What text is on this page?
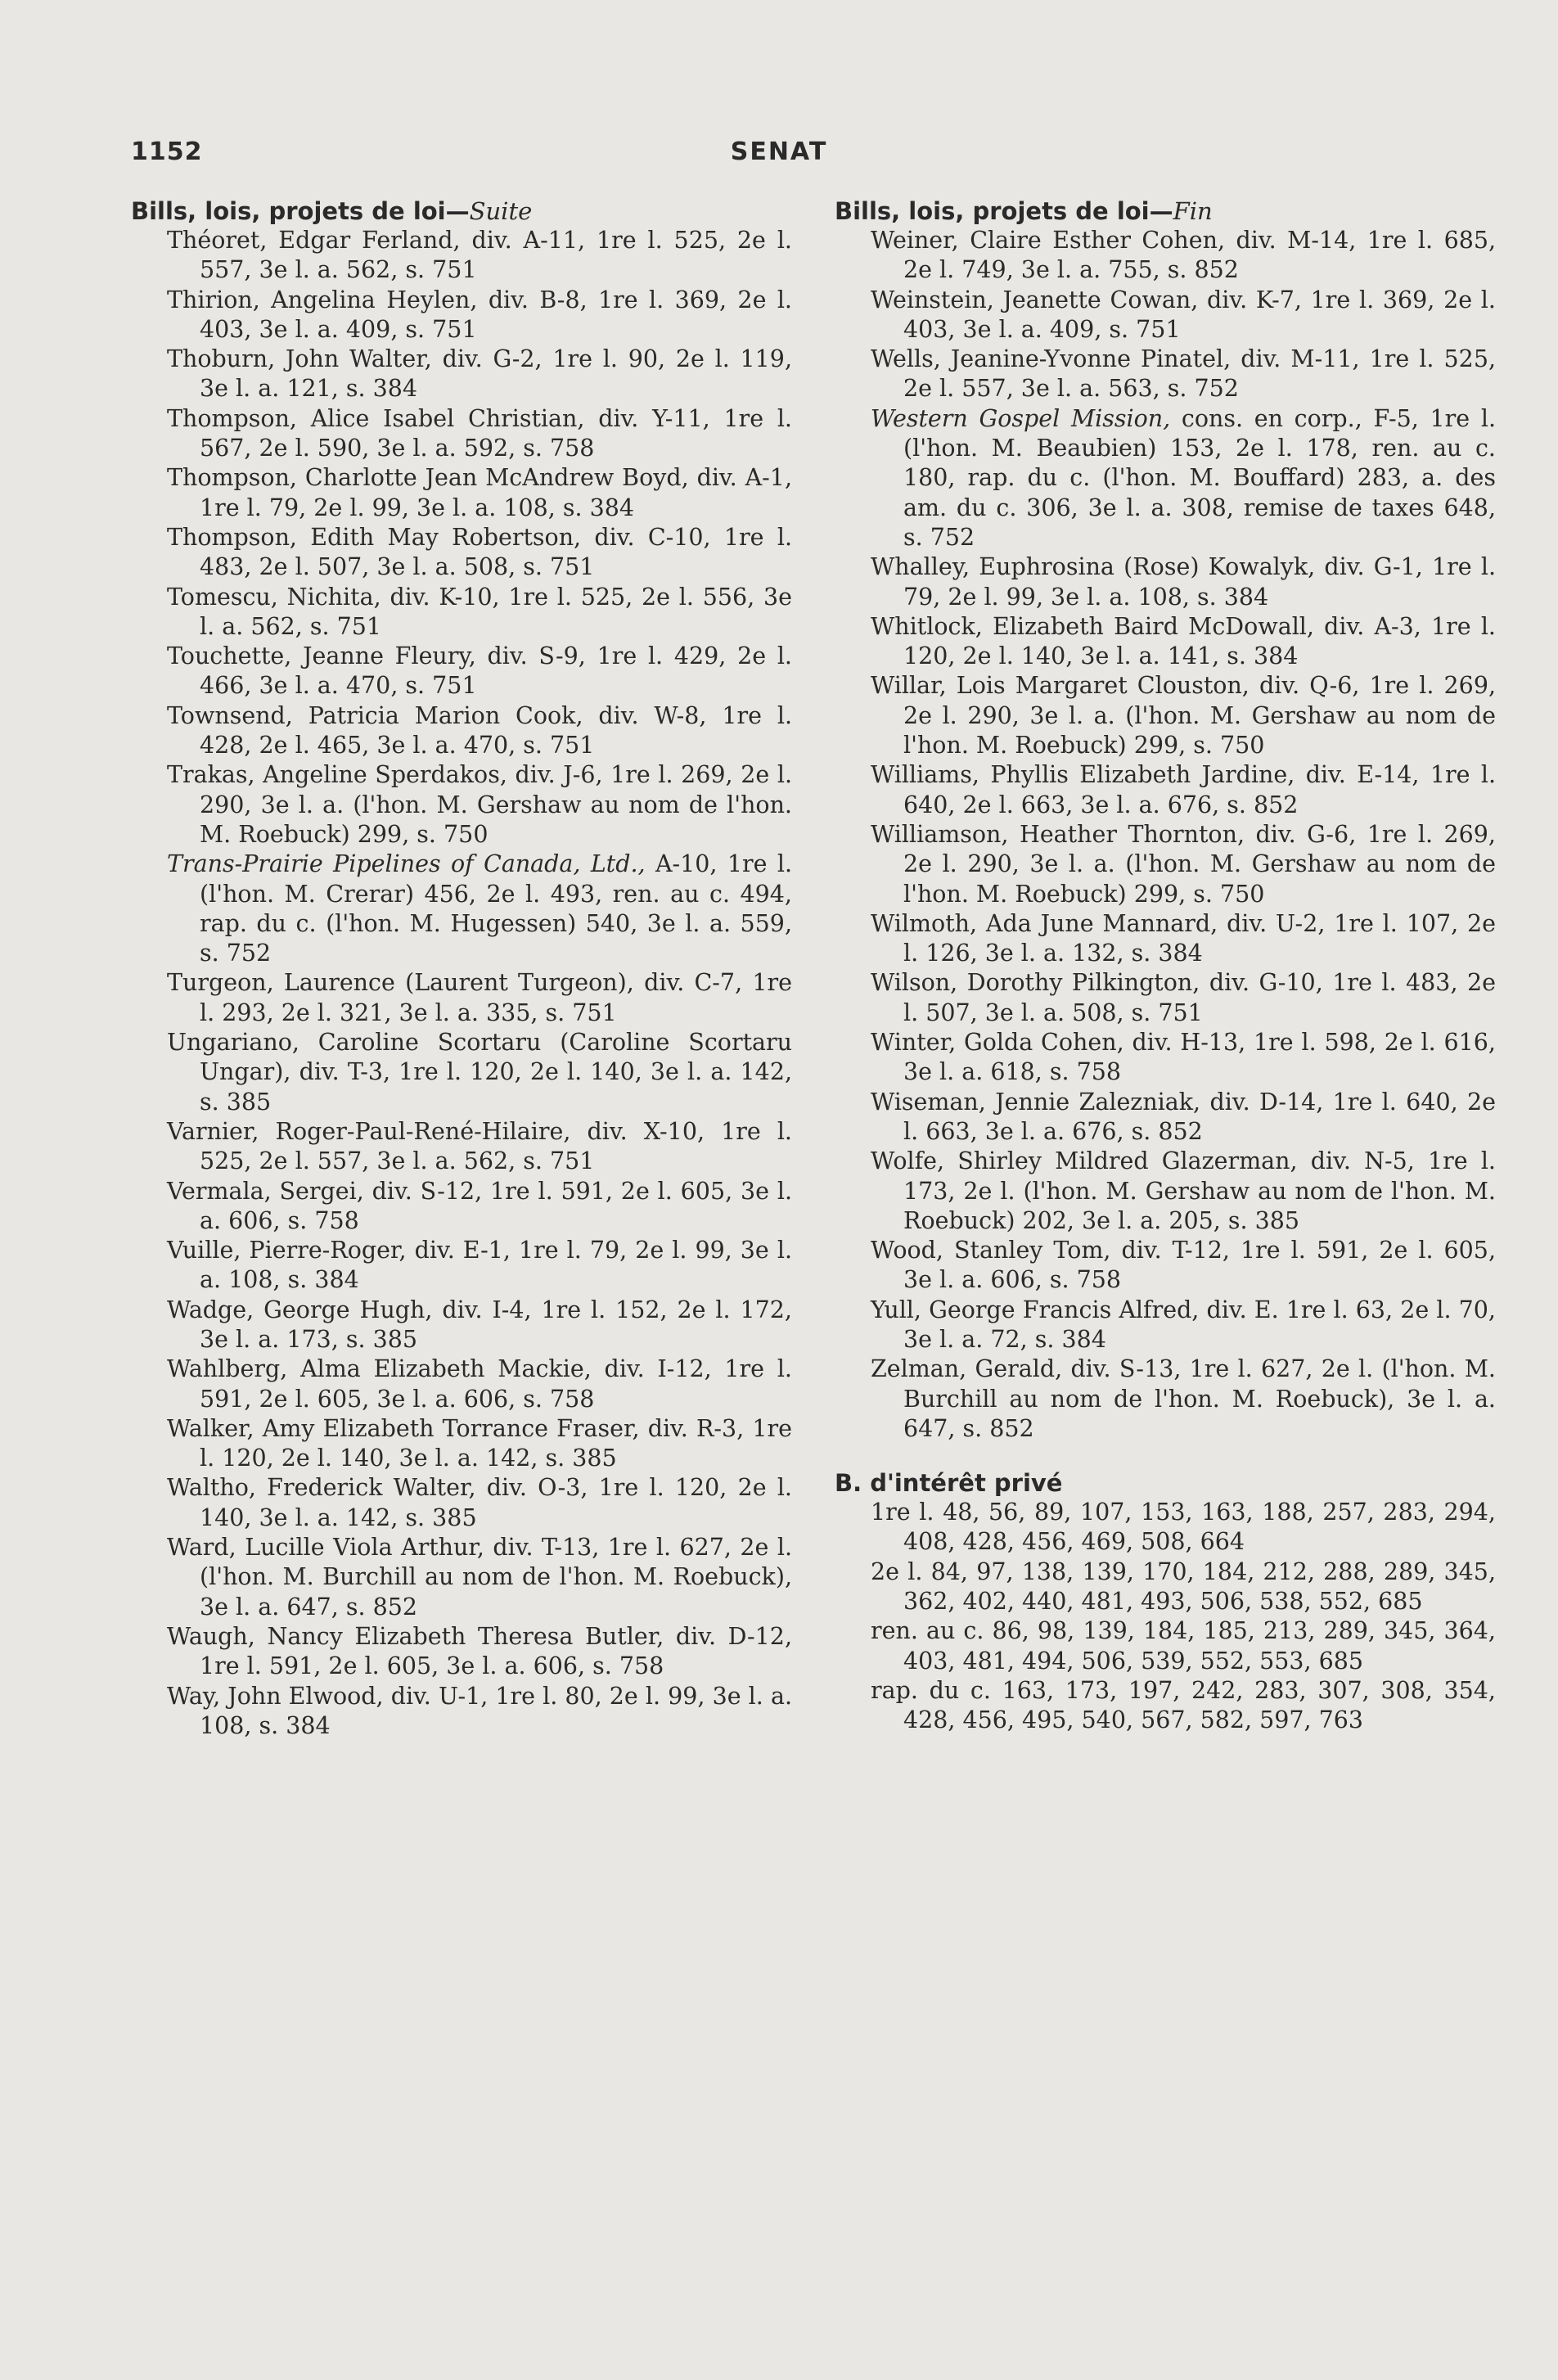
1152	SENAT
Bills, lois, projets de loi—Suite

Théoret, Edgar Ferland, div. A-11, 1re l. 525, 2e l. 557, 3e l. a. 562, s. 751

Thirion, Angelina Heylen, div. B-8, 1re l. 369, 2e l. 403, 3e l. a. 409, s. 751

Thoburn, John Walter, div. G-2, 1re l. 90, 2e l. 119, 3e l. a. 121, s. 384

Thompson, Alice Isabel Christian, div. Y-11, 1re l. 567, 2e l. 590, 3e l. a. 592, s. 758

Thompson, Charlotte Jean McAndrew Boyd, div. A-1, 1re l. 79, 2e l. 99, 3e l. a. 108, s. 384

Thompson, Edith May Robertson, div. C-10, 1re l. 483, 2e l. 507, 3e l. a. 508, s. 751

Tomescu, Nichita, div. K-10, 1re l. 525, 2e l. 556, 3e l. a. 562, s. 751

Touchette, Jeanne Fleury, div. S-9, 1re l. 429, 2e l. 466, 3e l. a. 470, s. 751

Townsend, Patricia Marion Cook, div. W-8, 1re l. 428, 2e l. 465, 3e l. a. 470, s. 751

Trakas, Angeline Sperdakos, div. J-6, 1re l. 269, 2e l. 290, 3e l. a. (l'hon. M. Gershaw au nom de l'hon. M. Roebuck) 299, s. 750

Trans-Prairie Pipelines of Canada, Ltd., A-10, 1re l. (l'hon. M. Crerar) 456, 2e l. 493, ren. au c. 494, rap. du c. (l'hon. M. Hugessen) 540, 3e l. a. 559, s. 752

Turgeon, Laurence (Laurent Turgeon), div. C-7, 1re l. 293, 2e l. 321, 3e l. a. 335, s. 751

Ungariano, Caroline Scortaru (Caroline Scortaru Ungar), div. T-3, 1re l. 120, 2e l. 140, 3e l. a. 142, s. 385

Varnier, Roger-Paul-René-Hilaire, div. X-10, 1re l. 525, 2e l. 557, 3e l. a. 562, s. 751

Vermala, Sergei, div. S-12, 1re l. 591, 2e l. 605, 3e l. a. 606, s. 758

Vuille, Pierre-Roger, div. E-1, 1re l. 79, 2e l. 99, 3e l. a. 108, s. 384

Wadge, George Hugh, div. I-4, 1re l. 152, 2e l. 172, 3e l. a. 173, s. 385

Wahlberg, Alma Elizabeth Mackie, div. I-12, 1re l. 591, 2e l. 605, 3e l. a. 606, s. 758

Walker, Amy Elizabeth Torrance Fraser, div. R-3, 1re l. 120, 2e l. 140, 3e l. a. 142, s. 385

Waltho, Frederick Walter, div. O-3, 1re l. 120, 2e l. 140, 3e l. a. 142, s. 385

Ward, Lucille Viola Arthur, div. T-13, 1re l. 627, 2e l. (l'hon. M. Burchill au nom de l'hon. M. Roebuck), 3e l. a. 647, s. 852

Waugh, Nancy Elizabeth Theresa Butler, div. D-12, 1re l. 591, 2e l. 605, 3e l. a. 606, s. 758

Way, John Elwood, div. U-1, 1re l. 80, 2e l. 99, 3e l. a. 108, s. 384

Bills, lois, projets de loi—Fin

Weiner, Claire Esther Cohen, div. M-14, 1re l. 685, 2e l. 749, 3e l. a. 755, s. 852

Weinstein, Jeanette Cowan, div. K-7, 1re l. 369, 2e l. 403, 3e l. a. 409, s. 751

Wells, Jeanine-Yvonne Pinatel, div. M-11, 1re l. 525, 2e l. 557, 3e l. a. 563, s. 752

Western Gospel Mission, cons. en corp., F-5, 1re l. (l'hon. M. Beaubien) 153, 2e l. 178, ren. au c. 180, rap. du c. (l'hon. M. Bouffard) 283, a. des am. du c. 306, 3e l. a. 308, remise de taxes 648, s. 752

Whalley, Euphrosina (Rose) Kowalyk, div. G-1, 1re l. 79, 2e l. 99, 3e l. a. 108, s. 384

Whitlock, Elizabeth Baird McDowall, div. A-3, 1re l. 120, 2e l. 140, 3e l. a. 141, s. 384

Willar, Lois Margaret Clouston, div. Q-6, 1re l. 269, 2e l. 290, 3e l. a. (l'hon. M. Gershaw au nom de l'hon. M. Roebuck) 299, s. 750

Williams, Phyllis Elizabeth Jardine, div. E-14, 1re l. 640, 2e l. 663, 3e l. a. 676, s. 852

Williamson, Heather Thornton, div. G-6, 1re l. 269, 2e l. 290, 3e l. a. (l'hon. M. Gershaw au nom de l'hon. M. Roebuck) 299, s. 750

Wilmoth, Ada June Mannard, div. U-2, 1re l. 107, 2e l. 126, 3e l. a. 132, s. 384

Wilson, Dorothy Pilkington, div. G-10, 1re l. 483, 2e l. 507, 3e l. a. 508, s. 751

Winter, Golda Cohen, div. H-13, 1re l. 598, 2e l. 616, 3e l. a. 618, s. 758

Wiseman, Jennie Zalezniak, div. D-14, 1re l. 640, 2e l. 663, 3e l. a. 676, s. 852

Wolfe, Shirley Mildred Glazerman, div. N-5, 1re l. 173, 2e l. (l'hon. M. Gershaw au nom de l'hon. M. Roebuck) 202, 3e l. a. 205, s. 385

Wood, Stanley Tom, div. T-12, 1re l. 591, 2e l. 605, 3e l. a. 606, s. 758

Yull, George Francis Alfred, div. E. 1re l. 63, 2e l. 70, 3e l. a. 72, s. 384

Zelman, Gerald, div. S-13, 1re l. 627, 2e l. (l'hon. M. Burchill au nom de l'hon. M. Roebuck), 3e l. a. 647, s. 852

B. d'intérêt privé

1re l. 48, 56, 89, 107, 153, 163, 188, 257, 283, 294, 408, 428, 456, 469, 508, 664

2e l. 84, 97, 138, 139, 170, 184, 212, 288, 289, 345, 362, 402, 440, 481, 493, 506, 538, 552, 685

ren. au c. 86, 98, 139, 184, 185, 213, 289, 345, 364, 403, 481, 494, 506, 539, 552, 553, 685

rap. du c. 163, 173, 197, 242, 283, 307, 308, 354, 428, 456, 495, 540, 567, 582, 597, 763
